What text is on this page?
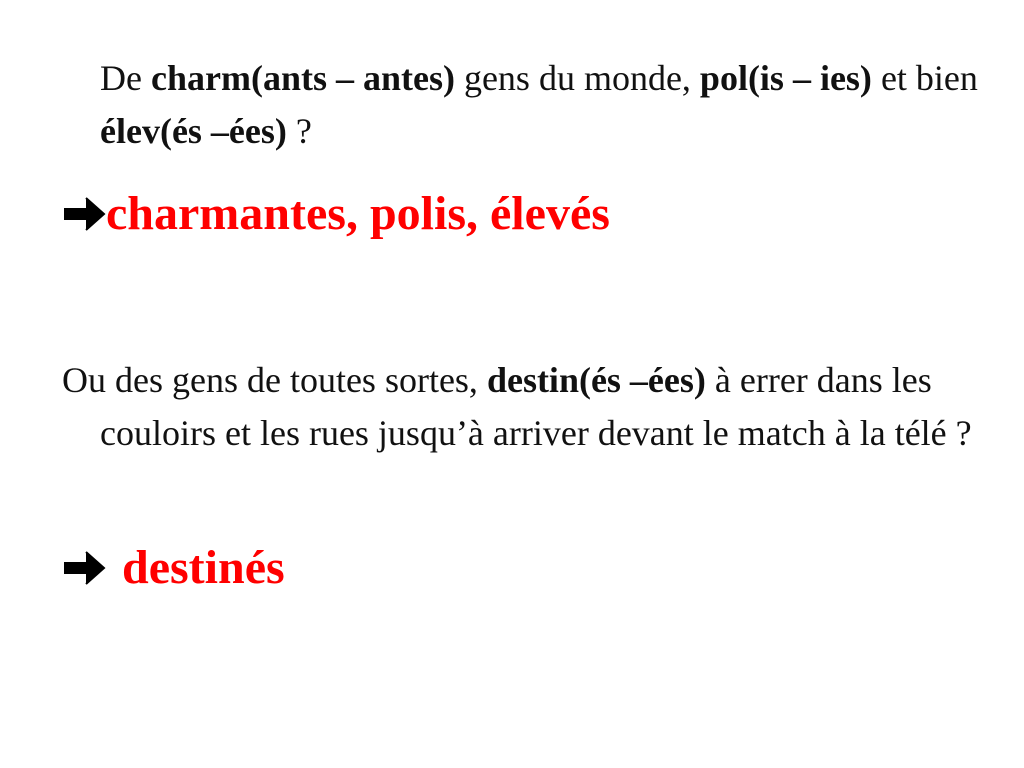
De charm(ants – antes) gens du monde, pol(is – ies) et bien élev(és –ées) ?

charmantes, polis, élevés

Ou des gens de toutes sortes, destin(és –ées) à errer dans les couloirs et les rues jusqu’à arriver devant le match à la télé ?

destinés
